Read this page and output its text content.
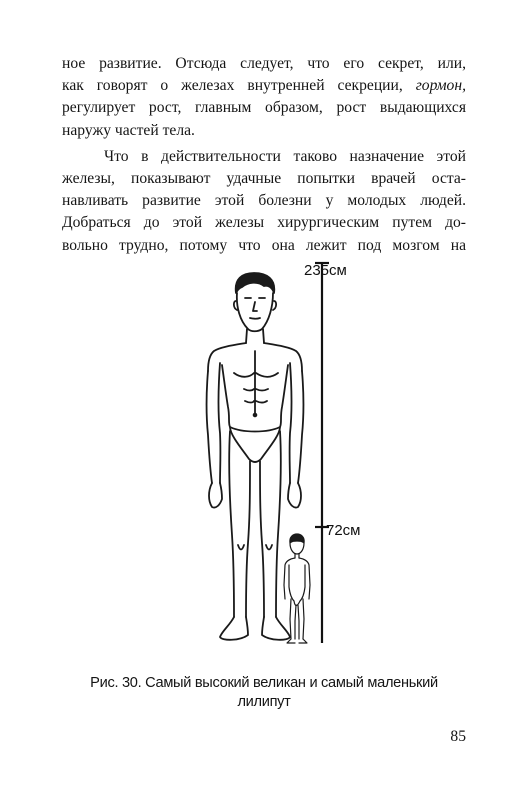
ное развитие. Отсюда следует, что его секрет, или,
как говорят о железах внутренней секреции, гормон,
регулирует рост, главным образом, рост выдающихся
наружу частей тела.
Что в действительности таково назначение этой
железы, показывают удачные попытки врачей оста-
навливать развитие этой болезни у молодых людей.
Добраться до этой железы хирургическим путем до-
вольно трудно, потому что она лежит под мозгом на
235см
72см
Рис. 30. Самый высокий великан и самый маленький
лилипут
85
